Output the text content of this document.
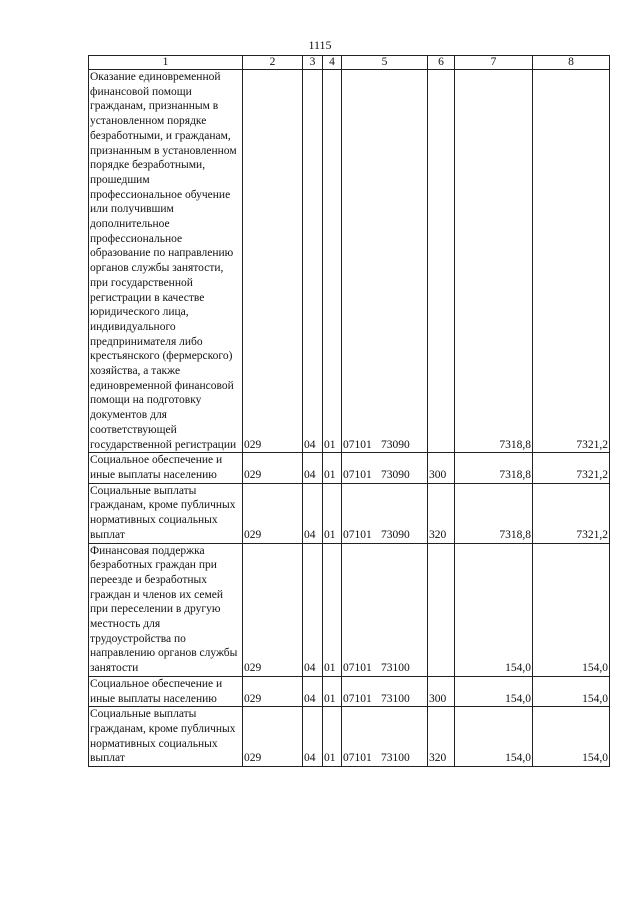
1115
1	2	3	4	5	6	7	8
Оказание единовременной финансовой помощи гражданам, признанным в установленном порядке безработными, и гражданам, признанным в установленном порядке безработными, прошедшим профессиональное обучение или получившим дополнительное профессиональное образование по направлению органов службы занятости, при государственной регистрации в качестве юридического лица, индивидуального предпринимателя либо крестьянского (фермерского) хозяйства, а также единовременной финансовой помощи на подготовку документов для соответствующей государственной регистрации	029	04	01	07101 73090		7318,8	7321,2
Социальное обеспечение и иные выплаты населению	029	04	01	07101 73090	300	7318,8	7321,2
Социальные выплаты гражданам, кроме публичных нормативных социальных выплат	029	04	01	07101 73090	320	7318,8	7321,2
Финансовая поддержка безработных граждан при переезде и безработных граждан и членов их семей при переселении в другую местность для трудоустройства по направлению органов службы занятости	029	04	01	07101 73100		154,0	154,0
Социальное обеспечение и иные выплаты населению	029	04	01	07101 73100	300	154,0	154,0
Социальные выплаты гражданам, кроме публичных нормативных социальных выплат	029	04	01	07101 73100	320	154,0	154,0
